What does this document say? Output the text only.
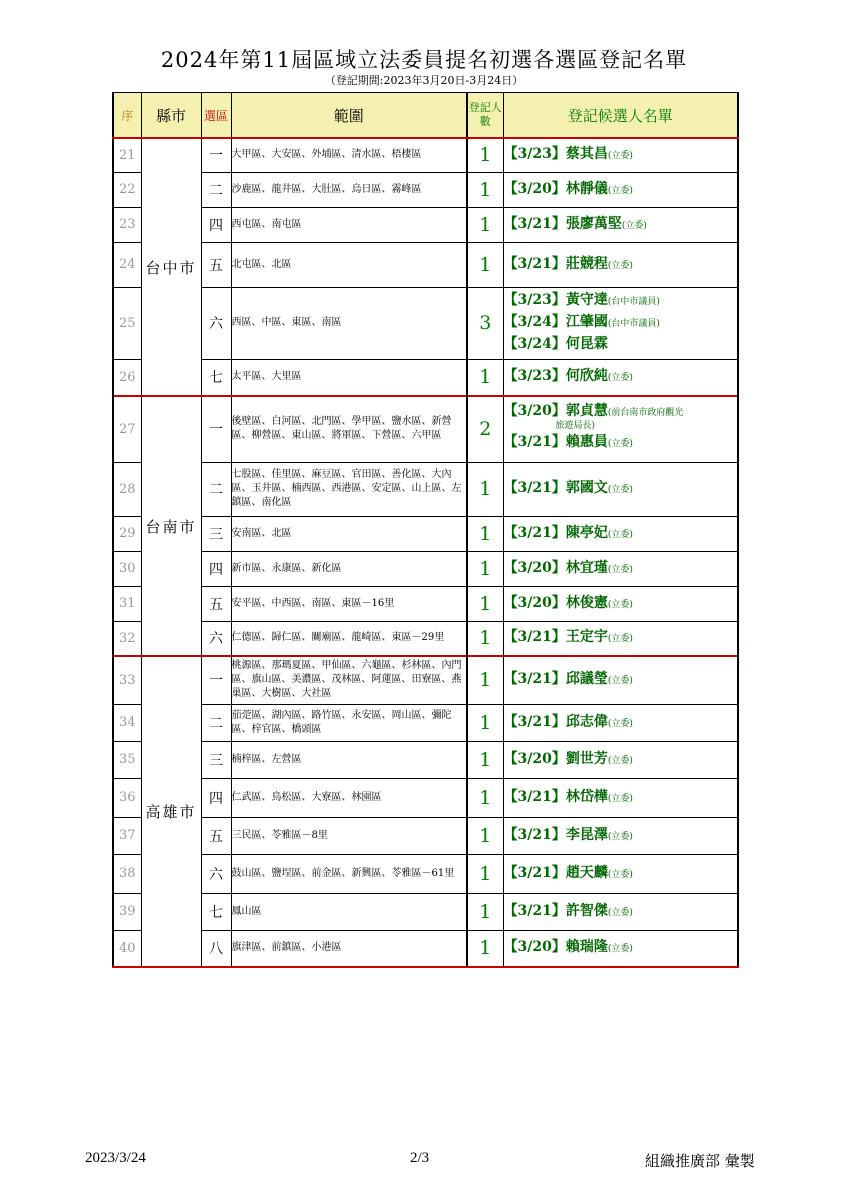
2024年第11屆區域立法委員提名初選各選區登記名單
（登記期間:2023年3月20日-3月24日）
序	縣市	選區	範圍	登記人數	登記候選人名單
21	台中市	一	大甲區、大安區、外埔區、清水區、梧棲區	1	【3/23】蔡其昌(立委)

22		二	沙鹿區、龍井區、大肚區、烏日區、霧峰區	1	【3/20】林靜儀(立委)

23		四	西屯區、南屯區	1	【3/21】張廖萬堅(立委)

24		五	北屯區、北區	1	【3/21】莊競程(立委)

25		六	西區、中區、東區、南區	3	【3/23】黃守達(台中市議員)
【3/24】江肇國(台中市議員)
【3/24】何昆霖

26		七	太平區、大里區	1	【3/23】何欣純(立委)

27	台南市	一	後壁區、白河區、北門區、學甲區、鹽水區、新營區、柳營區、東山區、將軍區、下營區、六甲區	2	【3/20】郭貞慧(前台南市政府觀光
旅遊局長)
【3/21】賴惠員(立委)

28		二	七股區、佳里區、麻豆區、官田區、善化區、大內區、玉井區、楠西區、西港區、安定區、山上區、左鎮區、南化區	1	【3/21】郭國文(立委)

29		三	安南區、北區	1	【3/21】陳亭妃(立委)

30		四	新市區、永康區、新化區	1	【3/20】林宜瑾(立委)

31		五	安平區、中西區、南區、東區－16里	1	【3/20】林俊憲(立委)

32		六	仁德區、歸仁區、關廟區、龍崎區、東區－29里	1	【3/21】王定宇(立委)

33	高雄市	一	桃源區、那瑪夏區、甲仙區、六龜區、杉林區、內門區、旗山區、美濃區、茂林區、阿蓮區、田寮區、燕巢區、大樹區、大社區	1	【3/21】邱議瑩(立委)

34		二	茄萣區、湖內區、路竹區、永安區、岡山區、彌陀區、梓官區、橋頭區	1	【3/21】邱志偉(立委)

35		三	楠梓區、左營區	1	【3/20】劉世芳(立委)

36		四	仁武區、鳥松區、大寮區、林園區	1	【3/21】林岱樺(立委)

37		五	三民區、苓雅區－8里	1	【3/21】李昆澤(立委)

38		六	鼓山區、鹽埕區、前金區、新興區、苓雅區－61里	1	【3/21】趙天麟(立委)

39		七	鳳山區	1	【3/21】許智傑(立委)

40		八	旗津區、前鎮區、小港區	1	【3/20】賴瑞隆(立委)
2023/3/24	2/3	組織推廣部 彙製
